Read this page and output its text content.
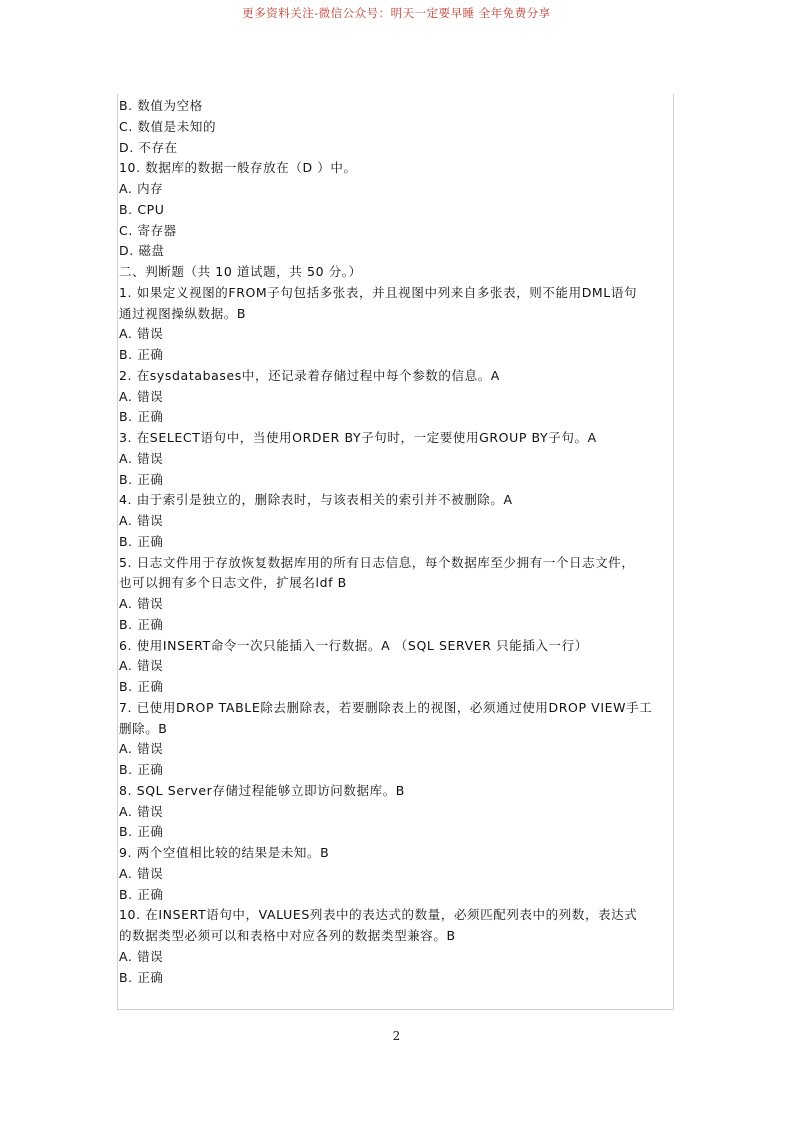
更多资料关注-微信公众号：明天一定要早睡 全年免费分享
B. 数值为空格
C. 数值是未知的
D. 不存在
10. 数据库的数据一般存放在（D ）中。
A. 内存
B. CPU
C. 寄存器
D. 磁盘
二、判断题（共 10 道试题，共 50 分。）
1. 如果定义视图的FROM子句包括多张表，并且视图中列来自多张表，则不能用DML语句
通过视图操纵数据。B
A. 错误
B. 正确
2. 在sysdatabases中，还记录着存储过程中每个参数的信息。A
A. 错误
B. 正确
3. 在SELECT语句中，当使用ORDER BY子句时，一定要使用GROUP BY子句。A
A. 错误
B. 正确
4. 由于索引是独立的，删除表时，与该表相关的索引并不被删除。A
A. 错误
B. 正确
5. 日志文件用于存放恢复数据库用的所有日志信息，每个数据库至少拥有一个日志文件，
也可以拥有多个日志文件，扩展名ldf B
A. 错误
B. 正确
6. 使用INSERT命令一次只能插入一行数据。A （SQL SERVER 只能插入一行）
A. 错误
B. 正确
7. 已使用DROP TABLE除去删除表，若要删除表上的视图，必须通过使用DROP VIEW手工
删除。B
A. 错误
B. 正确
8. SQL Server存储过程能够立即访问数据库。B
A. 错误
B. 正确
9. 两个空值相比较的结果是未知。B
A. 错误
B. 正确
10. 在INSERT语句中，VALUES列表中的表达式的数量，必须匹配列表中的列数，表达式
的数据类型必须可以和表格中对应各列的数据类型兼容。B
A. 错误
B. 正确
2
